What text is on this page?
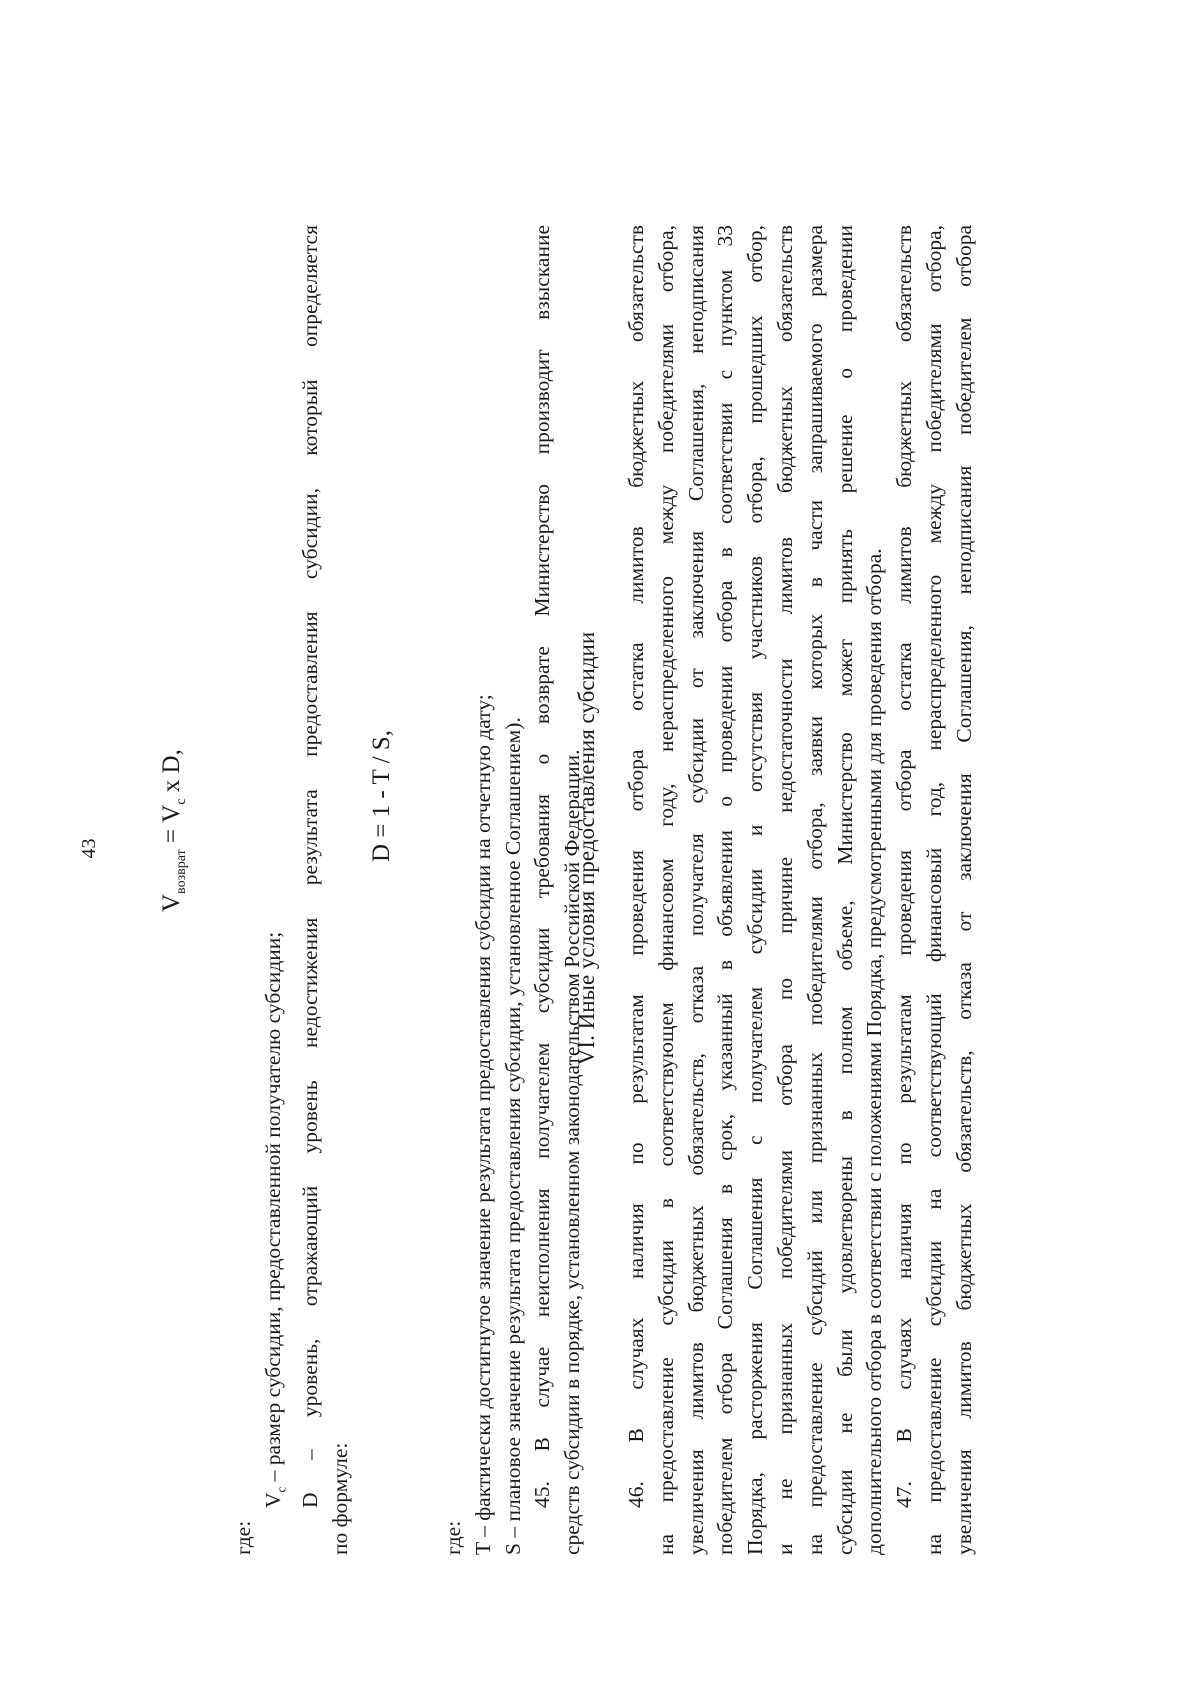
43
$V_{возврат} = V_c$ x D,

где:

$V_c$ – размер субсидии, предоставленной получателю субсидии; D – уровень, отражающий уровень недостижения результата предоставления субсидии, который определяется по формуле:

D = 1 - T / S,

где: T – фактически достигнутое значение результата предоставления субсидии на отчетную дату; S – плановое значение результата предоставления субсидии, установленное Соглашением). 45. В случае неисполнения получателем субсидии требования о возврате Министерство производит взыскание средств субсидии в порядке, установленном законодательством Российской Федерации.

VI. Иные условия предоставления субсидии 46. В случаях наличия по результатам проведения отбора остатка лимитов бюджетных обязательств на предоставление субсидии в соответствующем финансовом году, нераспределенного между победителями отбора, увеличения лимитов бюджетных обязательств, отказа получателя субсидии от заключения Соглашения, неподписания победителем отбора Соглашения в срок, указанный в объявлении о проведении отбора в соответствии с пунктом 33 Порядка, расторжения Соглашения с получателем субсидии и отсутствия участников отбора, прошедших отбор, и не признанных победителями отбора по причине недостаточности лимитов бюджетных обязательств на предоставление субсидий или признанных победителями отбора, заявки которых в части запрашиваемого размера субсидии не были удовлетворены в полном объеме, Министерство может принять решение о проведении дополнительного отбора в соответствии с положениями Порядка, предусмотренными для проведения отбора. 47. В случаях наличия по результатам проведения отбора остатка лимитов бюджетных обязательств на предоставление субсидии на соответствующий финансовый год, нераспределенного между победителями отбора, увеличения лимитов бюджетных обязательств, отказа от заключения Соглашения, неподписания победителем отбора
